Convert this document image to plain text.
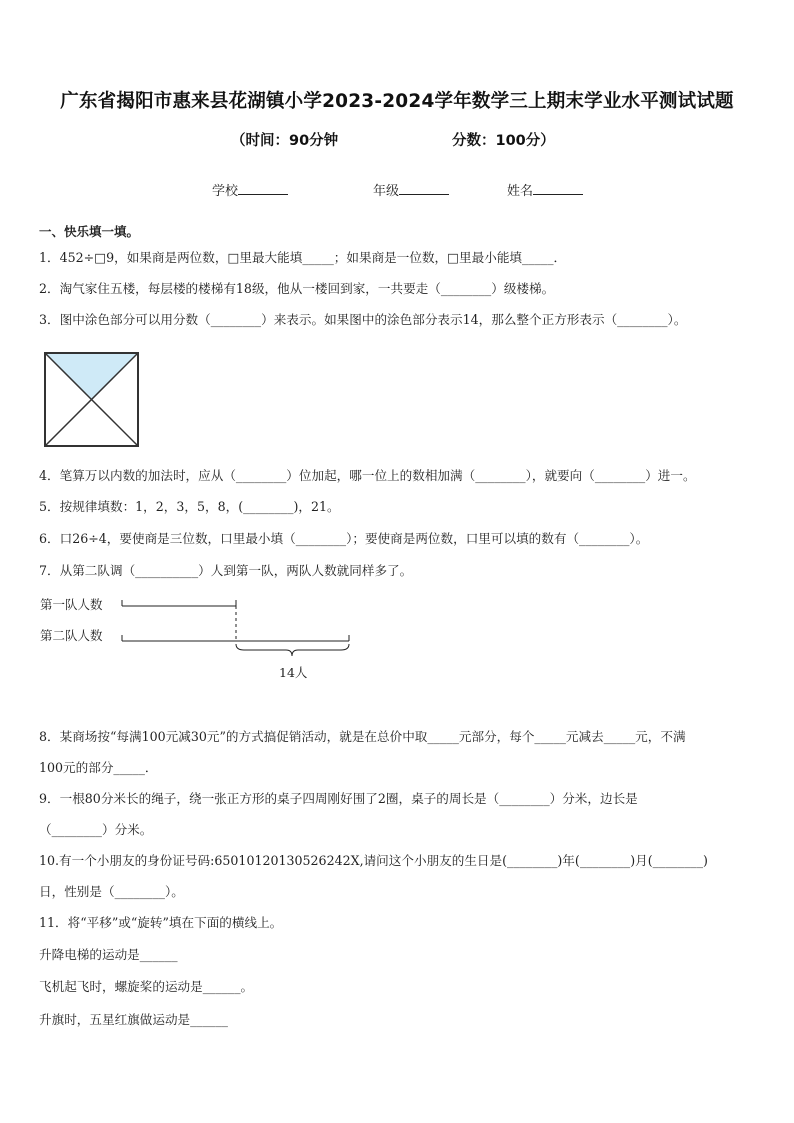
广东省揭阳市惠来县花湖镇小学2023-2024学年数学三上期末学业水平测试试题
（时间：90分钟	分数：100分）
学校	年级	姓名
一、快乐填一填。
1．452÷□9，如果商是两位数，□里最大能填_____；如果商是一位数，□里最小能填_____．
2．淘气家住五楼，每层楼的楼梯有18级，他从一楼回到家，一共要走（________）级楼梯。
3．图中涂色部分可以用分数（________）来表示。如果图中的涂色部分表示14，那么整个正方形表示（________）。
4．笔算万以内数的加法时，应从（________）位加起，哪一位上的数相加满（________），就要向（________）进一。
5．按规律填数：1，2，3，5，8，(________)，21。
6．口26÷4，要使商是三位数，口里最小填（________）；要使商是两位数，口里可以填的数有（________）。
7．从第二队调（__________）人到第一队，两队人数就同样多了。
第一队人数
第二队人数
14人
8．某商场按“每满100元减30元”的方式搞促销活动，就是在总价中取_____元部分，每个_____元减去_____元，不满
100元的部分_____．
9．一根80分米长的绳子，绕一张正方形的桌子四周刚好围了2圈，桌子的周长是（________）分米，边长是
（________）分米。
10.有一个小朋友的身份证号码:65010120130526242X,请问这个小朋友的生日是(________)年(________)月(________)
日，性别是（________）。
11．将“平移”或“旋转”填在下面的横线上。
升降电梯的运动是______
飞机起飞时，螺旋桨的运动是______。
升旗时，五星红旗做运动是______
